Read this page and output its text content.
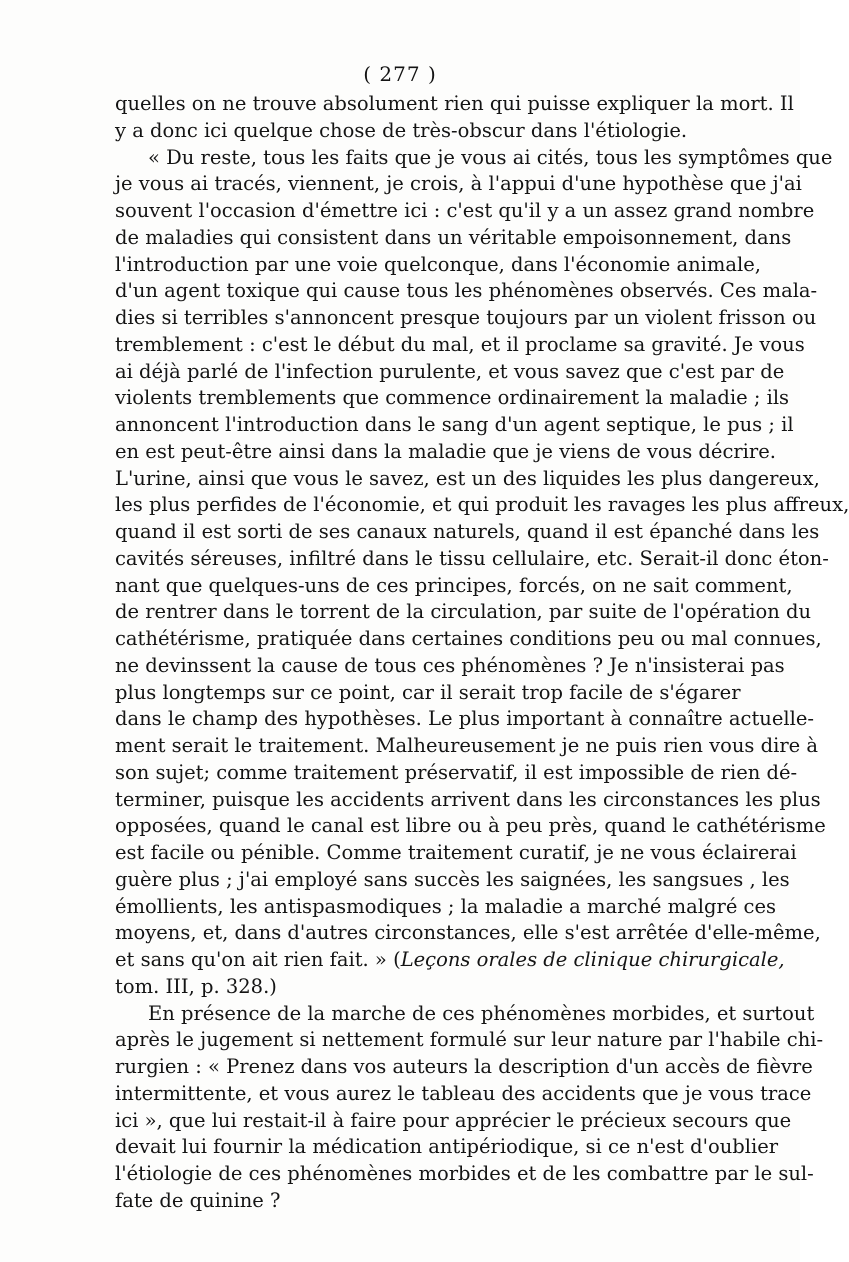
( 277 )
quelles on ne trouve absolument rien qui puisse expliquer la mort. Il
y a donc ici quelque chose de très-obscur dans l'étiologie.
« Du reste, tous les faits que je vous ai cités, tous les symptômes que
je vous ai tracés, viennent, je crois, à l'appui d'une hypothèse que j'ai
souvent l'occasion d'émettre ici : c'est qu'il y a un assez grand nombre
de maladies qui consistent dans un véritable empoisonnement, dans
l'introduction par une voie quelconque, dans l'économie animale,
d'un agent toxique qui cause tous les phénomènes observés. Ces mala-
dies si terribles s'annoncent presque toujours par un violent frisson ou
tremblement : c'est le début du mal, et il proclame sa gravité. Je vous
ai déjà parlé de l'infection purulente, et vous savez que c'est par de
violents tremblements que commence ordinairement la maladie ; ils
annoncent l'introduction dans le sang d'un agent septique, le pus ; il
en est peut-être ainsi dans la maladie que je viens de vous décrire.
L'urine, ainsi que vous le savez, est un des liquides les plus dangereux,
les plus perfides de l'économie, et qui produit les ravages les plus affreux,
quand il est sorti de ses canaux naturels, quand il est épanché dans les
cavités séreuses, infiltré dans le tissu cellulaire, etc. Serait-il donc éton-
nant que quelques-uns de ces principes, forcés, on ne sait comment,
de rentrer dans le torrent de la circulation, par suite de l'opération du
cathétérisme, pratiquée dans certaines conditions peu ou mal connues,
ne devinssent la cause de tous ces phénomènes ? Je n'insisterai pas
plus longtemps sur ce point, car il serait trop facile de s'égarer
dans le champ des hypothèses. Le plus important à connaître actuelle-
ment serait le traitement. Malheureusement je ne puis rien vous dire à
son sujet; comme traitement préservatif, il est impossible de rien dé-
terminer, puisque les accidents arrivent dans les circonstances les plus
opposées, quand le canal est libre ou à peu près, quand le cathétérisme
est facile ou pénible. Comme traitement curatif, je ne vous éclairerai
guère plus ; j'ai employé sans succès les saignées, les sangsues , les
émollients, les antispasmodiques ; la maladie a marché malgré ces
moyens, et, dans d'autres circonstances, elle s'est arrêtée d'elle-même,
et sans qu'on ait rien fait. » (Leçons orales de clinique chirurgicale,
tom. III, p. 328.)
En présence de la marche de ces phénomènes morbides, et surtout
après le jugement si nettement formulé sur leur nature par l'habile chi-
rurgien : « Prenez dans vos auteurs la description d'un accès de fièvre
intermittente, et vous aurez le tableau des accidents que je vous trace
ici », que lui restait-il à faire pour apprécier le précieux secours que
devait lui fournir la médication antipériodique, si ce n'est d'oublier
l'étiologie de ces phénomènes morbides et de les combattre par le sul-
fate de quinine ?
